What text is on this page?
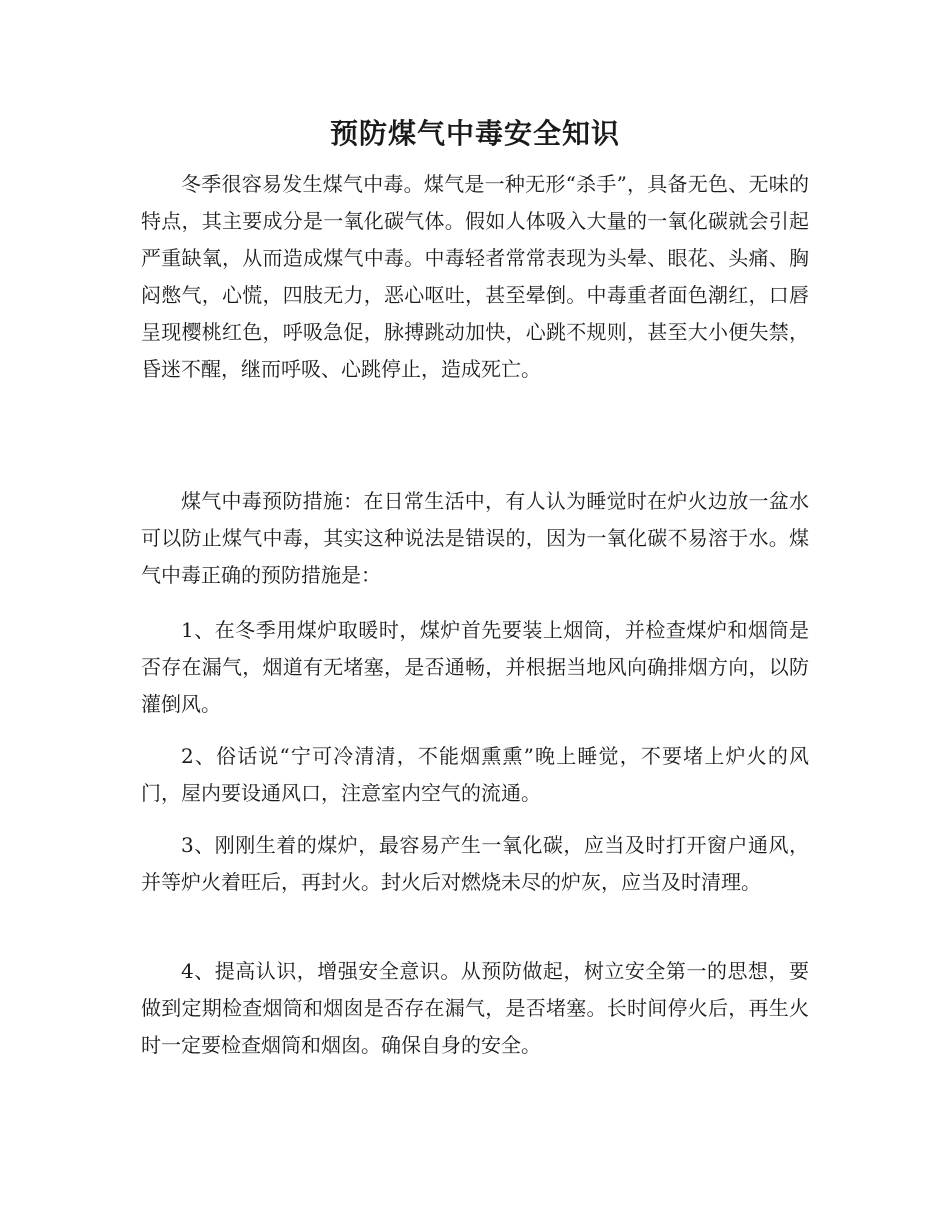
预防煤气中毒安全知识

冬季很容易发生煤气中毒。煤气是一种无形“杀手”，具备无色、无味的特点，其主要成分是一氧化碳气体。假如人体吸入大量的一氧化碳就会引起严重缺氧，从而造成煤气中毒。中毒轻者常常表现为头晕、眼花、头痛、胸闷憋气，心慌，四肢无力，恶心呕吐，甚至晕倒。中毒重者面色潮红，口唇呈现樱桃红色，呼吸急促，脉搏跳动加快，心跳不规则，甚至大小便失禁，昏迷不醒，继而呼吸、心跳停止，造成死亡。

煤气中毒预防措施：在日常生活中，有人认为睡觉时在炉火边放一盆水可以防止煤气中毒，其实这种说法是错误的，因为一氧化碳不易溶于水。煤气中毒正确的预防措施是：

1、在冬季用煤炉取暖时，煤炉首先要装上烟筒，并检查煤炉和烟筒是否存在漏气，烟道有无堵塞，是否通畅，并根据当地风向确排烟方向，以防灌倒风。

2、俗话说“宁可冷清清，不能烟熏熏”晚上睡觉，不要堵上炉火的风门，屋内要设通风口，注意室内空气的流通。

3、刚刚生着的煤炉，最容易产生一氧化碳，应当及时打开窗户通风，并等炉火着旺后，再封火。封火后对燃烧未尽的炉灰，应当及时清理。

4、提高认识，增强安全意识。从预防做起，树立安全第一的思想，要做到定期检查烟筒和烟囱是否存在漏气，是否堵塞。长时间停火后，再生火时一定要检查烟筒和烟囱。确保自身的安全。
